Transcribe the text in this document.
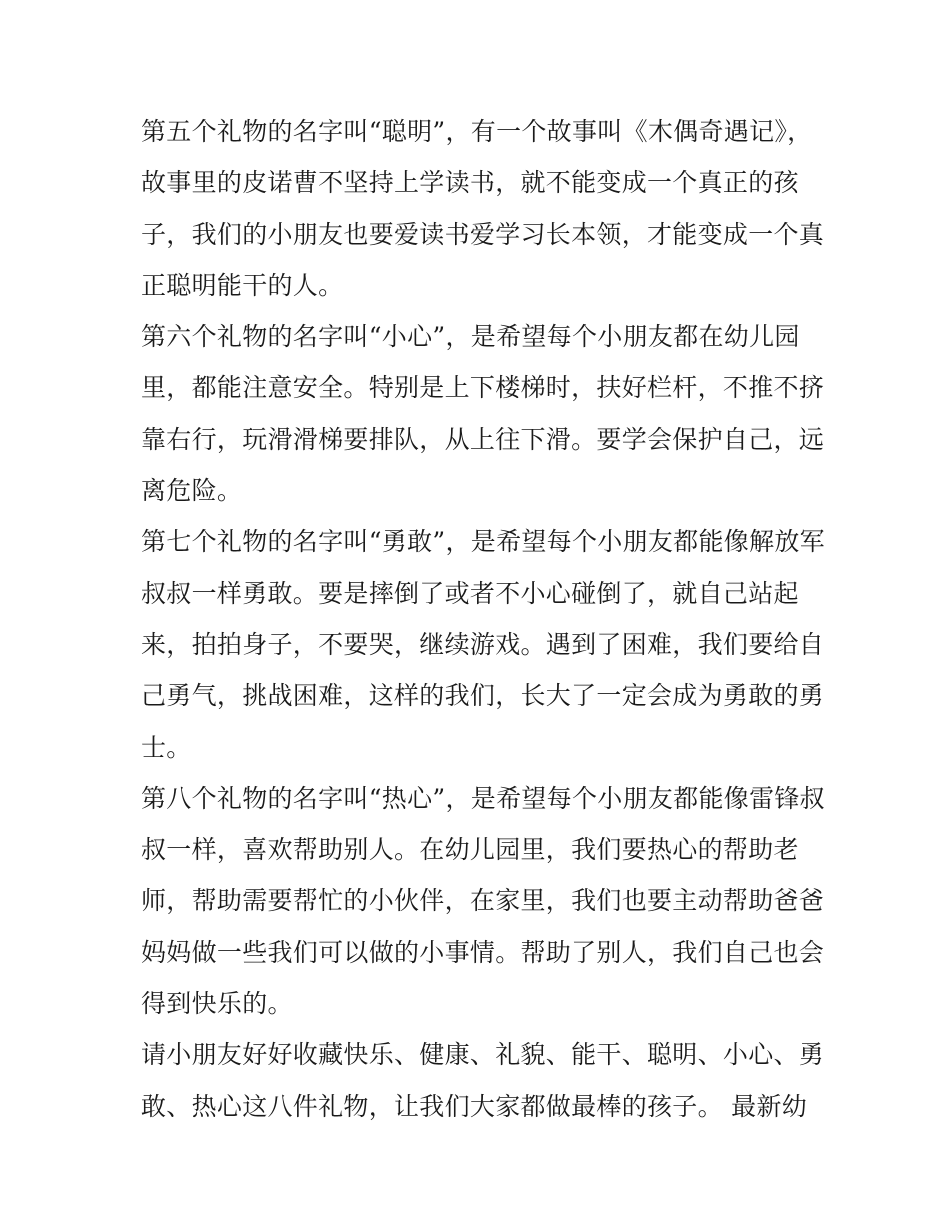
第五个礼物的名字叫“聪明”，有一个故事叫《木偶奇遇记》，
故事里的皮诺曹不坚持上学读书，就不能变成一个真正的孩
子，我们的小朋友也要爱读书爱学习长本领，才能变成一个真
正聪明能干的人。
第六个礼物的名字叫“小心”，是希望每个小朋友都在幼儿园
里，都能注意安全。特别是上下楼梯时，扶好栏杆，不推不挤
靠右行，玩滑滑梯要排队，从上往下滑。要学会保护自己，远
离危险。
第七个礼物的名字叫“勇敢”，是希望每个小朋友都能像解放军
叔叔一样勇敢。要是摔倒了或者不小心碰倒了，就自己站起
来，拍拍身子，不要哭，继续游戏。遇到了困难，我们要给自
己勇气，挑战困难，这样的我们，长大了一定会成为勇敢的勇
士。
第八个礼物的名字叫“热心”，是希望每个小朋友都能像雷锋叔
叔一样，喜欢帮助别人。在幼儿园里，我们要热心的帮助老
师，帮助需要帮忙的小伙伴，在家里，我们也要主动帮助爸爸
妈妈做一些我们可以做的小事情。帮助了别人，我们自己也会
得到快乐的。
请小朋友好好收藏快乐、健康、礼貌、能干、聪明、小心、勇
敢、热心这八件礼物，让我们大家都做最棒的孩子。 最新幼
